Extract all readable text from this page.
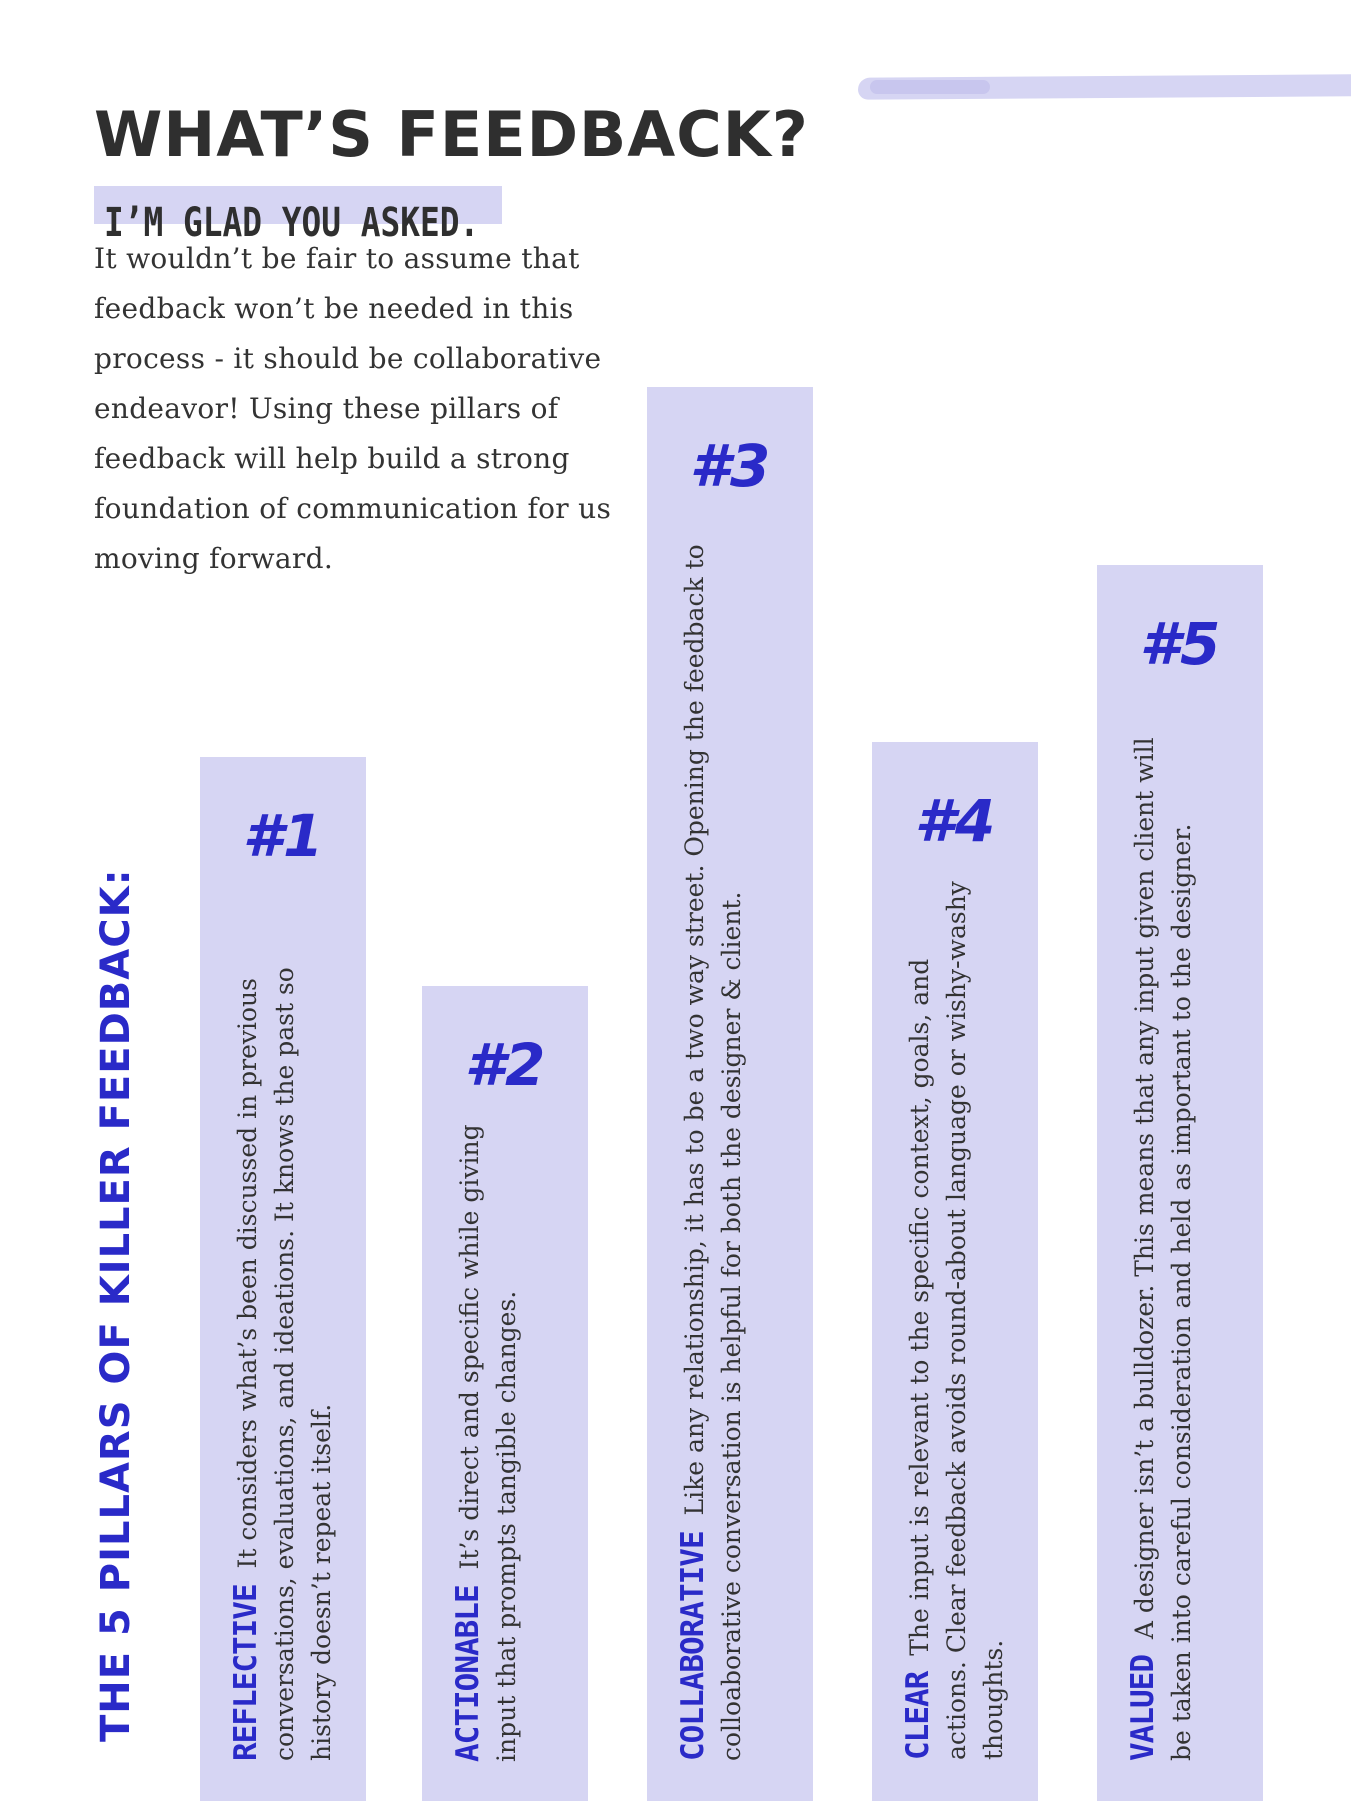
WHAT’S FEEDBACK?
I’M GLAD YOU ASKED.

It wouldn’t be fair to assume that feedback won’t be needed in this process - it should be collaborative endeavor! Using these pillars of feedback will help build a strong foundation of communication for us moving forward.

THE 5 PILLARS OF KILLER FEEDBACK:
#1

REFLECTIVE  It considers what’s been discussed in previous conversations, evaluations, and ideations. It knows the past so history doesn’t repeat itself.

#2

ACTIONABLE  It’s direct and specific while giving input that prompts tangible changes.

#3

COLLABORATIVE  Like any relationship, it has to be a two way street. Opening the feedback to colloaborative conversation is helpful for both the designer & client.

#4

CLEAR  The input is relevant to the specific context, goals, and actions. Clear feedback avoids round-about language or wishy-washy thoughts.

#5

VALUED  A designer isn’t a bulldozer. This means that any input given client will be taken into careful consideration and held as important to the designer.
